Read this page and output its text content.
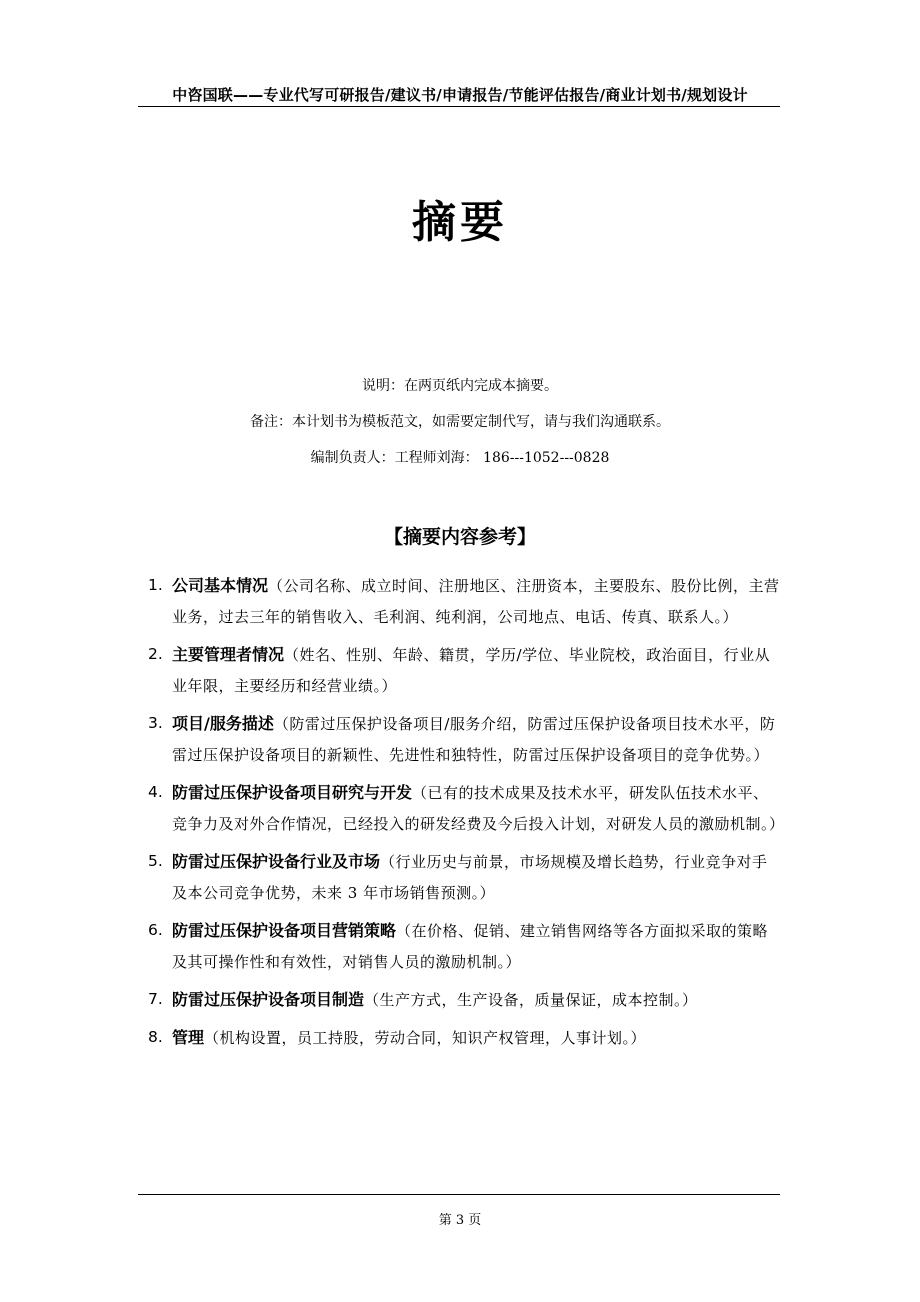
中咨国联——专业代写可研报告/建议书/申请报告/节能评估报告/商业计划书/规划设计
摘要
说明：在两页纸内完成本摘要。
备注：本计划书为模板范文，如需要定制代写，请与我们沟通联系。
编制负责人：工程师刘海： 186---1052---0828
【摘要内容参考】
1. 公司基本情况（公司名称、成立时间、注册地区、注册资本，主要股东、股份比例，主营业务，过去三年的销售收入、毛利润、纯利润，公司地点、电话、传真、联系人。）
2. 主要管理者情况（姓名、性别、年龄、籍贯，学历/学位、毕业院校，政治面目，行业从业年限，主要经历和经营业绩。）
3. 项目/服务描述（防雷过压保护设备项目/服务介绍，防雷过压保护设备项目技术水平，防雷过压保护设备项目的新颖性、先进性和独特性，防雷过压保护设备项目的竞争优势。）
4. 防雷过压保护设备项目研究与开发（已有的技术成果及技术水平，研发队伍技术水平、竞争力及对外合作情况，已经投入的研发经费及今后投入计划，对研发人员的激励机制。）
5. 防雷过压保护设备行业及市场（行业历史与前景，市场规模及增长趋势，行业竞争对手及本公司竞争优势，未来 3 年市场销售预测。）
6. 防雷过压保护设备项目营销策略（在价格、促销、建立销售网络等各方面拟采取的策略及其可操作性和有效性，对销售人员的激励机制。）
7. 防雷过压保护设备项目制造（生产方式，生产设备，质量保证，成本控制。）
8. 管理（机构设置，员工持股，劳动合同，知识产权管理，人事计划。）
第 3 页
